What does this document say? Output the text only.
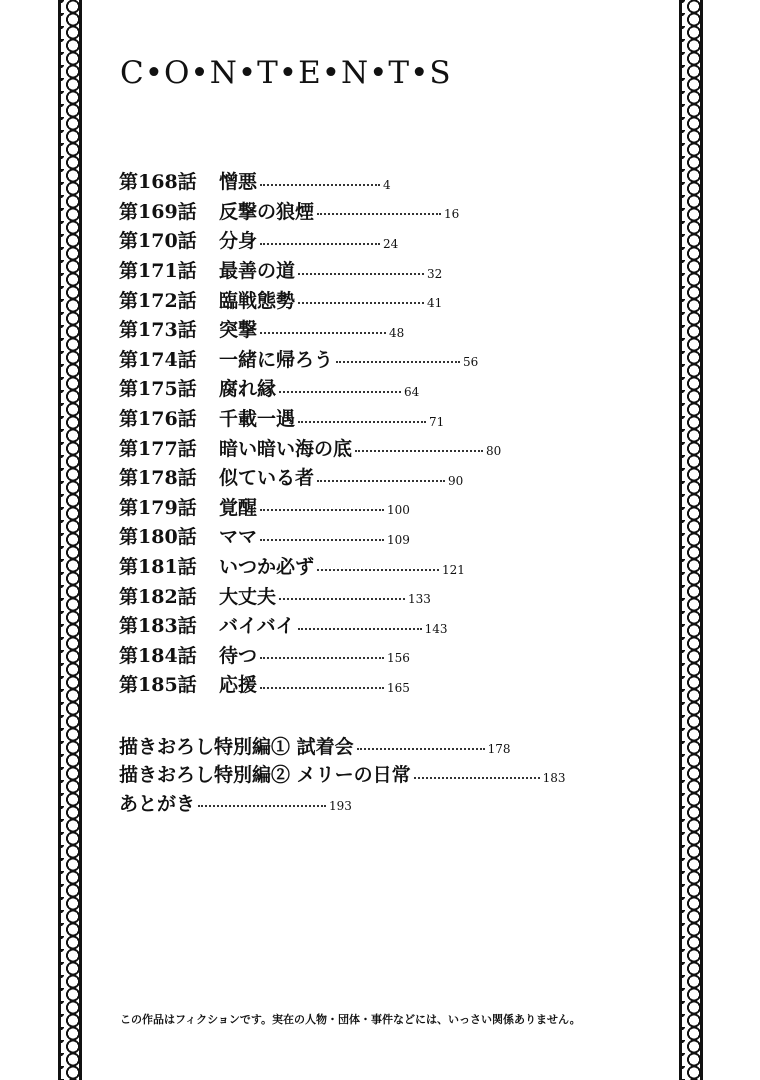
C•O•N•T•E•N•T•S
第168話	憎悪	4
第169話	反撃の狼煙	16
第170話	分身	24
第171話	最善の道	32
第172話	臨戦態勢	41
第173話	突撃	48
第174話	一緒に帰ろう	56
第175話	腐れ縁	64
第176話	千載一遇	71
第177話	暗い暗い海の底	80
第178話	似ている者	90
第179話	覚醒	100
第180話	ママ	109
第181話	いつか必ず	121
第182話	大丈夫	133
第183話	バイバイ	143
第184話	待つ	156
第185話	応援	165
描きおろし特別編① 試着会	178
描きおろし特別編② メリーの日常	183
あとがき	193
この作品はフィクションです。実在の人物・団体・事件などには、いっさい関係ありません。
